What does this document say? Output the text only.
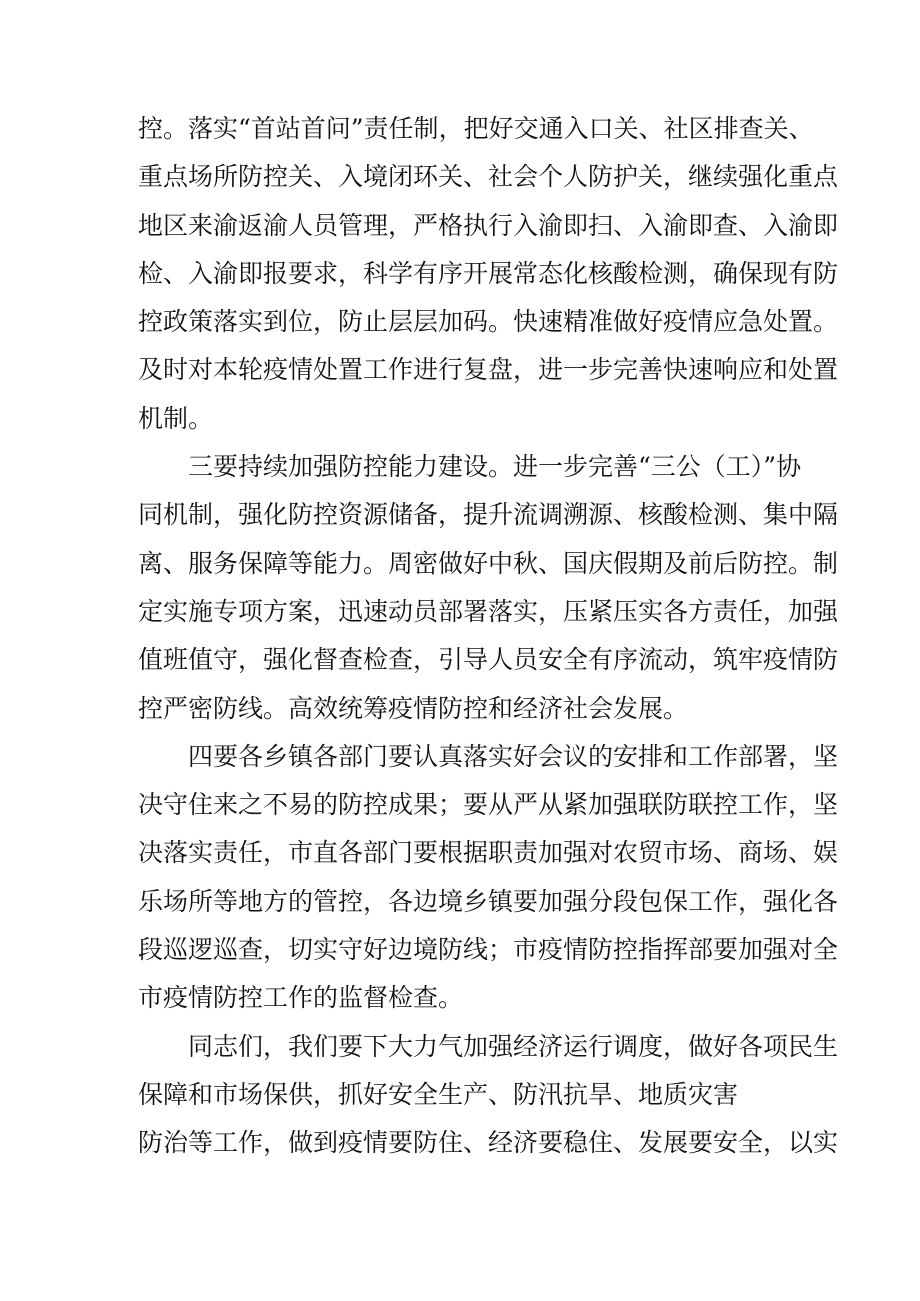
控。落实“首站首问”责任制，把好交通入口关、社区排查关、
重点场所防控关、入境闭环关、社会个人防护关，继续强化重点
地区来渝返渝人员管理，严格执行入渝即扫、入渝即查、入渝即
检、入渝即报要求，科学有序开展常态化核酸检测，确保现有防
控政策落实到位，防止层层加码。快速精准做好疫情应急处置。
及时对本轮疫情处置工作进行复盘，进一步完善快速响应和处置
机制。
三要持续加强防控能力建设。进一步完善“三公（工）”协
同机制，强化防控资源储备，提升流调溯源、核酸检测、集中隔
离、服务保障等能力。周密做好中秋、国庆假期及前后防控。制
定实施专项方案，迅速动员部署落实，压紧压实各方责任，加强
值班值守，强化督查检查，引导人员安全有序流动，筑牢疫情防
控严密防线。高效统筹疫情防控和经济社会发展。
四要各乡镇各部门要认真落实好会议的安排和工作部署，坚
决守住来之不易的防控成果；要从严从紧加强联防联控工作，坚
决落实责任，市直各部门要根据职责加强对农贸市场、商场、娱
乐场所等地方的管控，各边境乡镇要加强分段包保工作，强化各
段巡逻巡查，切实守好边境防线；市疫情防控指挥部要加强对全
市疫情防控工作的监督检查。
同志们，我们要下大力气加强经济运行调度，做好各项民生
保障和市场保供，抓好安全生产、防汛抗旱、地质灾害
防治等工作，做到疫情要防住、经济要稳住、发展要安全，以实
